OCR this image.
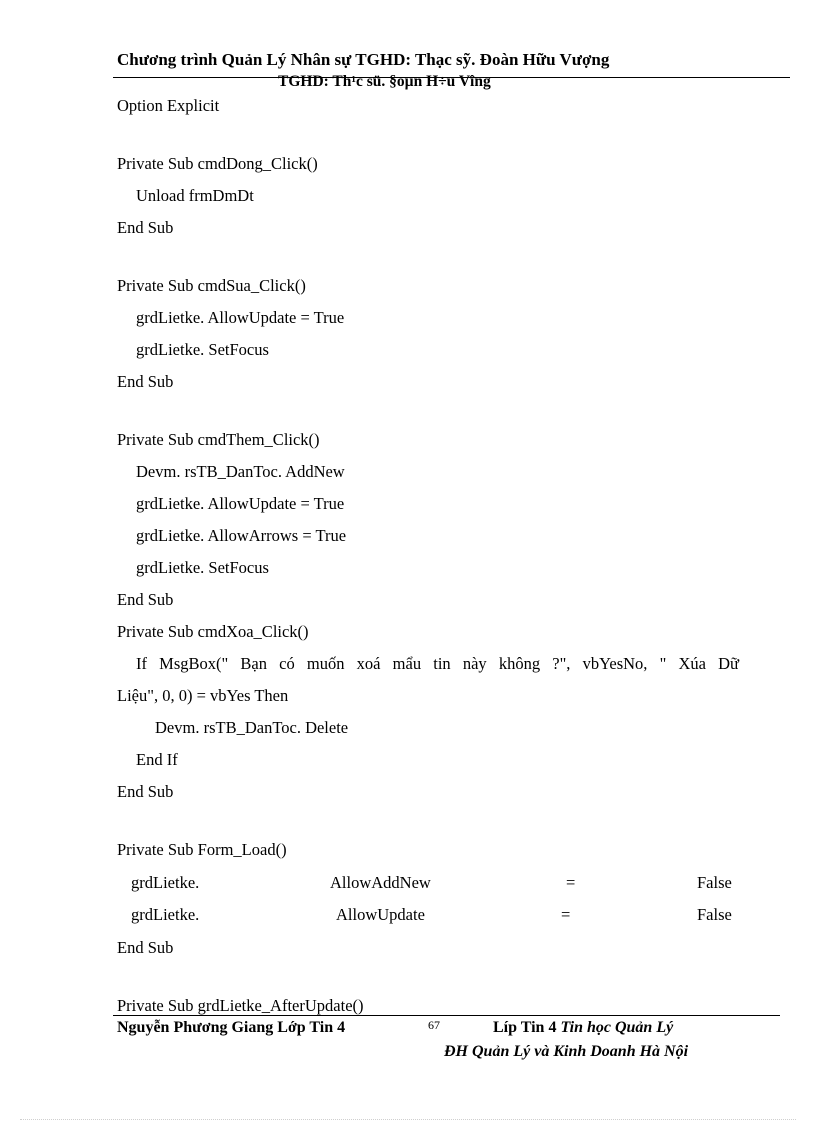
Chương trình Quản Lý Nhân sự TGHD: Thạc sỹ. Đoàn Hữu Vượng
TGHD: Th¹c sü. §oµn H÷u Vîng
Option Explicit
Private Sub cmdDong_Click()
Unload frmDmDt
End Sub
Private Sub cmdSua_Click()
grdLietke. AllowUpdate = True
grdLietke. SetFocus
End Sub
Private Sub cmdThem_Click()
Devm. rsTB_DanToc. AddNew
grdLietke. AllowUpdate = True
grdLietke. AllowArrows = True
grdLietke. SetFocus
End Sub
Private Sub cmdXoa_Click()
If MsgBox(" Bạn có muốn xoá mẩu tin này không ?", vbYesNo, " Xúa Dữ
Liệu", 0, 0) = vbYes Then
Devm. rsTB_DanToc. Delete
End If
End Sub
Private Sub Form_Load()
grdLietke.	AllowAddNew	=	False
grdLietke.	AllowUpdate	=	False
End Sub
Private Sub grdLietke_AfterUpdate()
Nguyễn Phương Giang Lớp Tin 4	67	Líp Tin 4 Tin học Quản Lý
ĐH Quản Lý và Kinh Doanh Hà Nội
